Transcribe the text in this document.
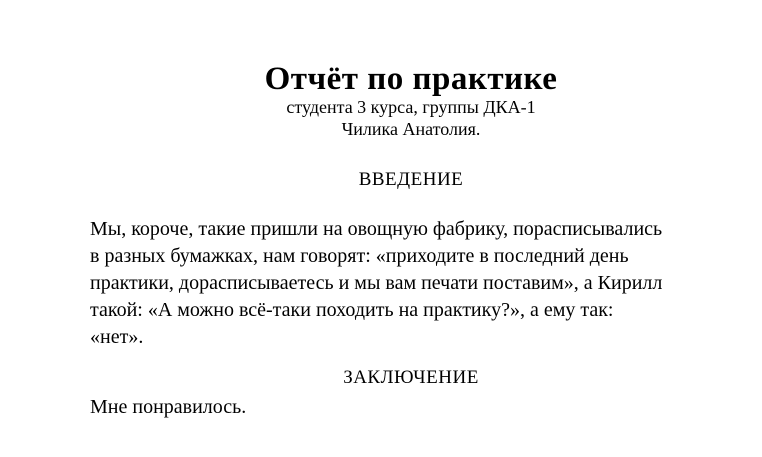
Отчёт по практике
студента 3 курса, группы ДКА-1
Чилика Анатолия.
ВВЕДЕНИЕ
Мы, короче, такие пришли на овощную фабрику, порасписывались
в разных бумажках, нам говорят: «приходите в последний день
практики, дорасписываетесь и мы вам печати поставим», а Кирилл
такой: «А можно всё-таки походить на практику?», а ему так:
«нет».
ЗАКЛЮЧЕНИЕ
Мне понравилось.
